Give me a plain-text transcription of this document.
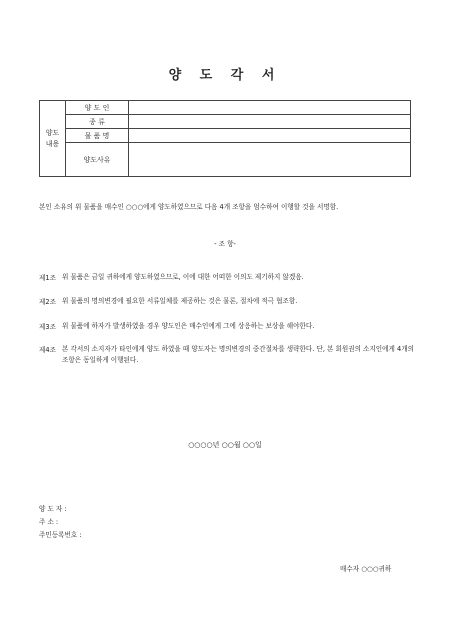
양 도 각 서
양도
내용	양 도 인	
	종 류	
	물 품 명	
	양도사유	
본인 소유의 위 물품을 매수인 ○○○에게 양도하였으므로 다음 4개 조항을 엄수하여 이행할 것을 서명함.
- 조 항-
제1조 위 물품은 금일 귀하에게 양도하였으므로, 이에 대한 어떠한 이의도 제기하지 않겠음.
제2조 위 물품의 명의변경에 필요한 서류일체를 제공하는 것은 물론, 절차에 적극 협조함.
제3조 위 물품에 하자가 발생하였을 경우 양도인은 매수인에게 그에 상응하는 보상을 해야한다.
제4조 본 각서의 소지자가 타인에게 양도 하였을 때 양도자는 명의변경의 중간절차를 생략한다. 단, 본 회원권의 소지인에게 4개의 조항은 동일하게 이행된다.
○○○○년 ○○월 ○○일
양 도 자 :
주 소 :
주민등록번호 :
매수자 ○○○귀하
